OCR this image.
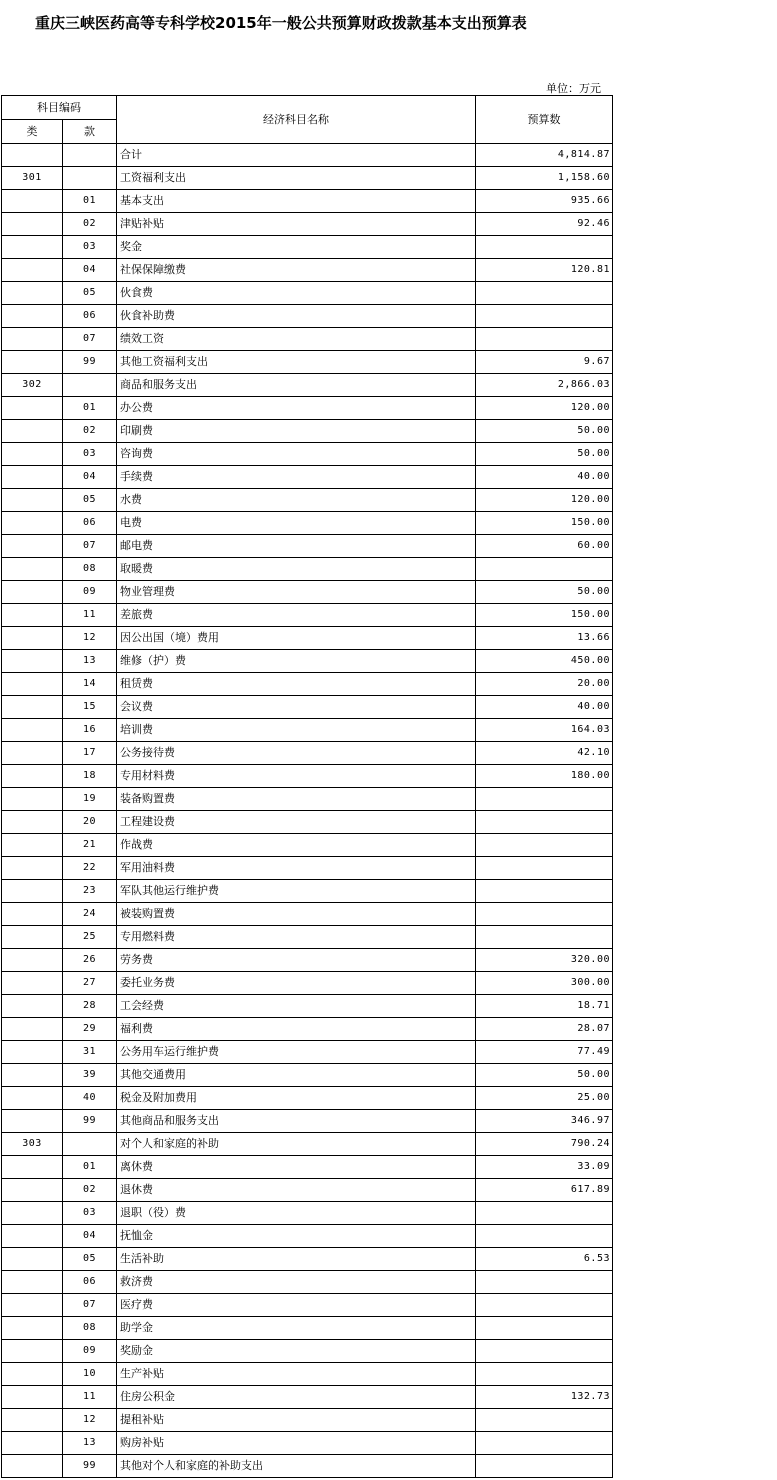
重庆三峡医药高等专科学校2015年一般公共预算财政拨款基本支出预算表
单位：万元
科目编码		经济科目名称	预算数
类	款		
		合计	4,814.87
301		工资福利支出	1,158.60
	01	基本支出	935.66
	02	津贴补贴	92.46
	03	奖金	
	04	社保保障缴费	120.81
	05	伙食费	
	06	伙食补助费	
	07	绩效工资	
	99	其他工资福利支出	9.67
302		商品和服务支出	2,866.03
	01	办公费	120.00
	02	印刷费	50.00
	03	咨询费	50.00
	04	手续费	40.00
	05	水费	120.00
	06	电费	150.00
	07	邮电费	60.00
	08	取暖费	
	09	物业管理费	50.00
	11	差旅费	150.00
	12	因公出国（境）费用	13.66
	13	维修（护）费	450.00
	14	租赁费	20.00
	15	会议费	40.00
	16	培训费	164.03
	17	公务接待费	42.10
	18	专用材料费	180.00
	19	装备购置费	
	20	工程建设费	
	21	作战费	
	22	军用油料费	
	23	军队其他运行维护费	
	24	被装购置费	
	25	专用燃料费	
	26	劳务费	320.00
	27	委托业务费	300.00
	28	工会经费	18.71
	29	福利费	28.07
	31	公务用车运行维护费	77.49
	39	其他交通费用	50.00
	40	税金及附加费用	25.00
	99	其他商品和服务支出	346.97
303		对个人和家庭的补助	790.24
	01	离休费	33.09
	02	退休费	617.89
	03	退职（役）费	
	04	抚恤金	
	05	生活补助	6.53
	06	救济费	
	07	医疗费	
	08	助学金	
	09	奖励金	
	10	生产补贴	
	11	住房公积金	132.73
	12	提租补贴	
	13	购房补贴	
	99	其他对个人和家庭的补助支出	
